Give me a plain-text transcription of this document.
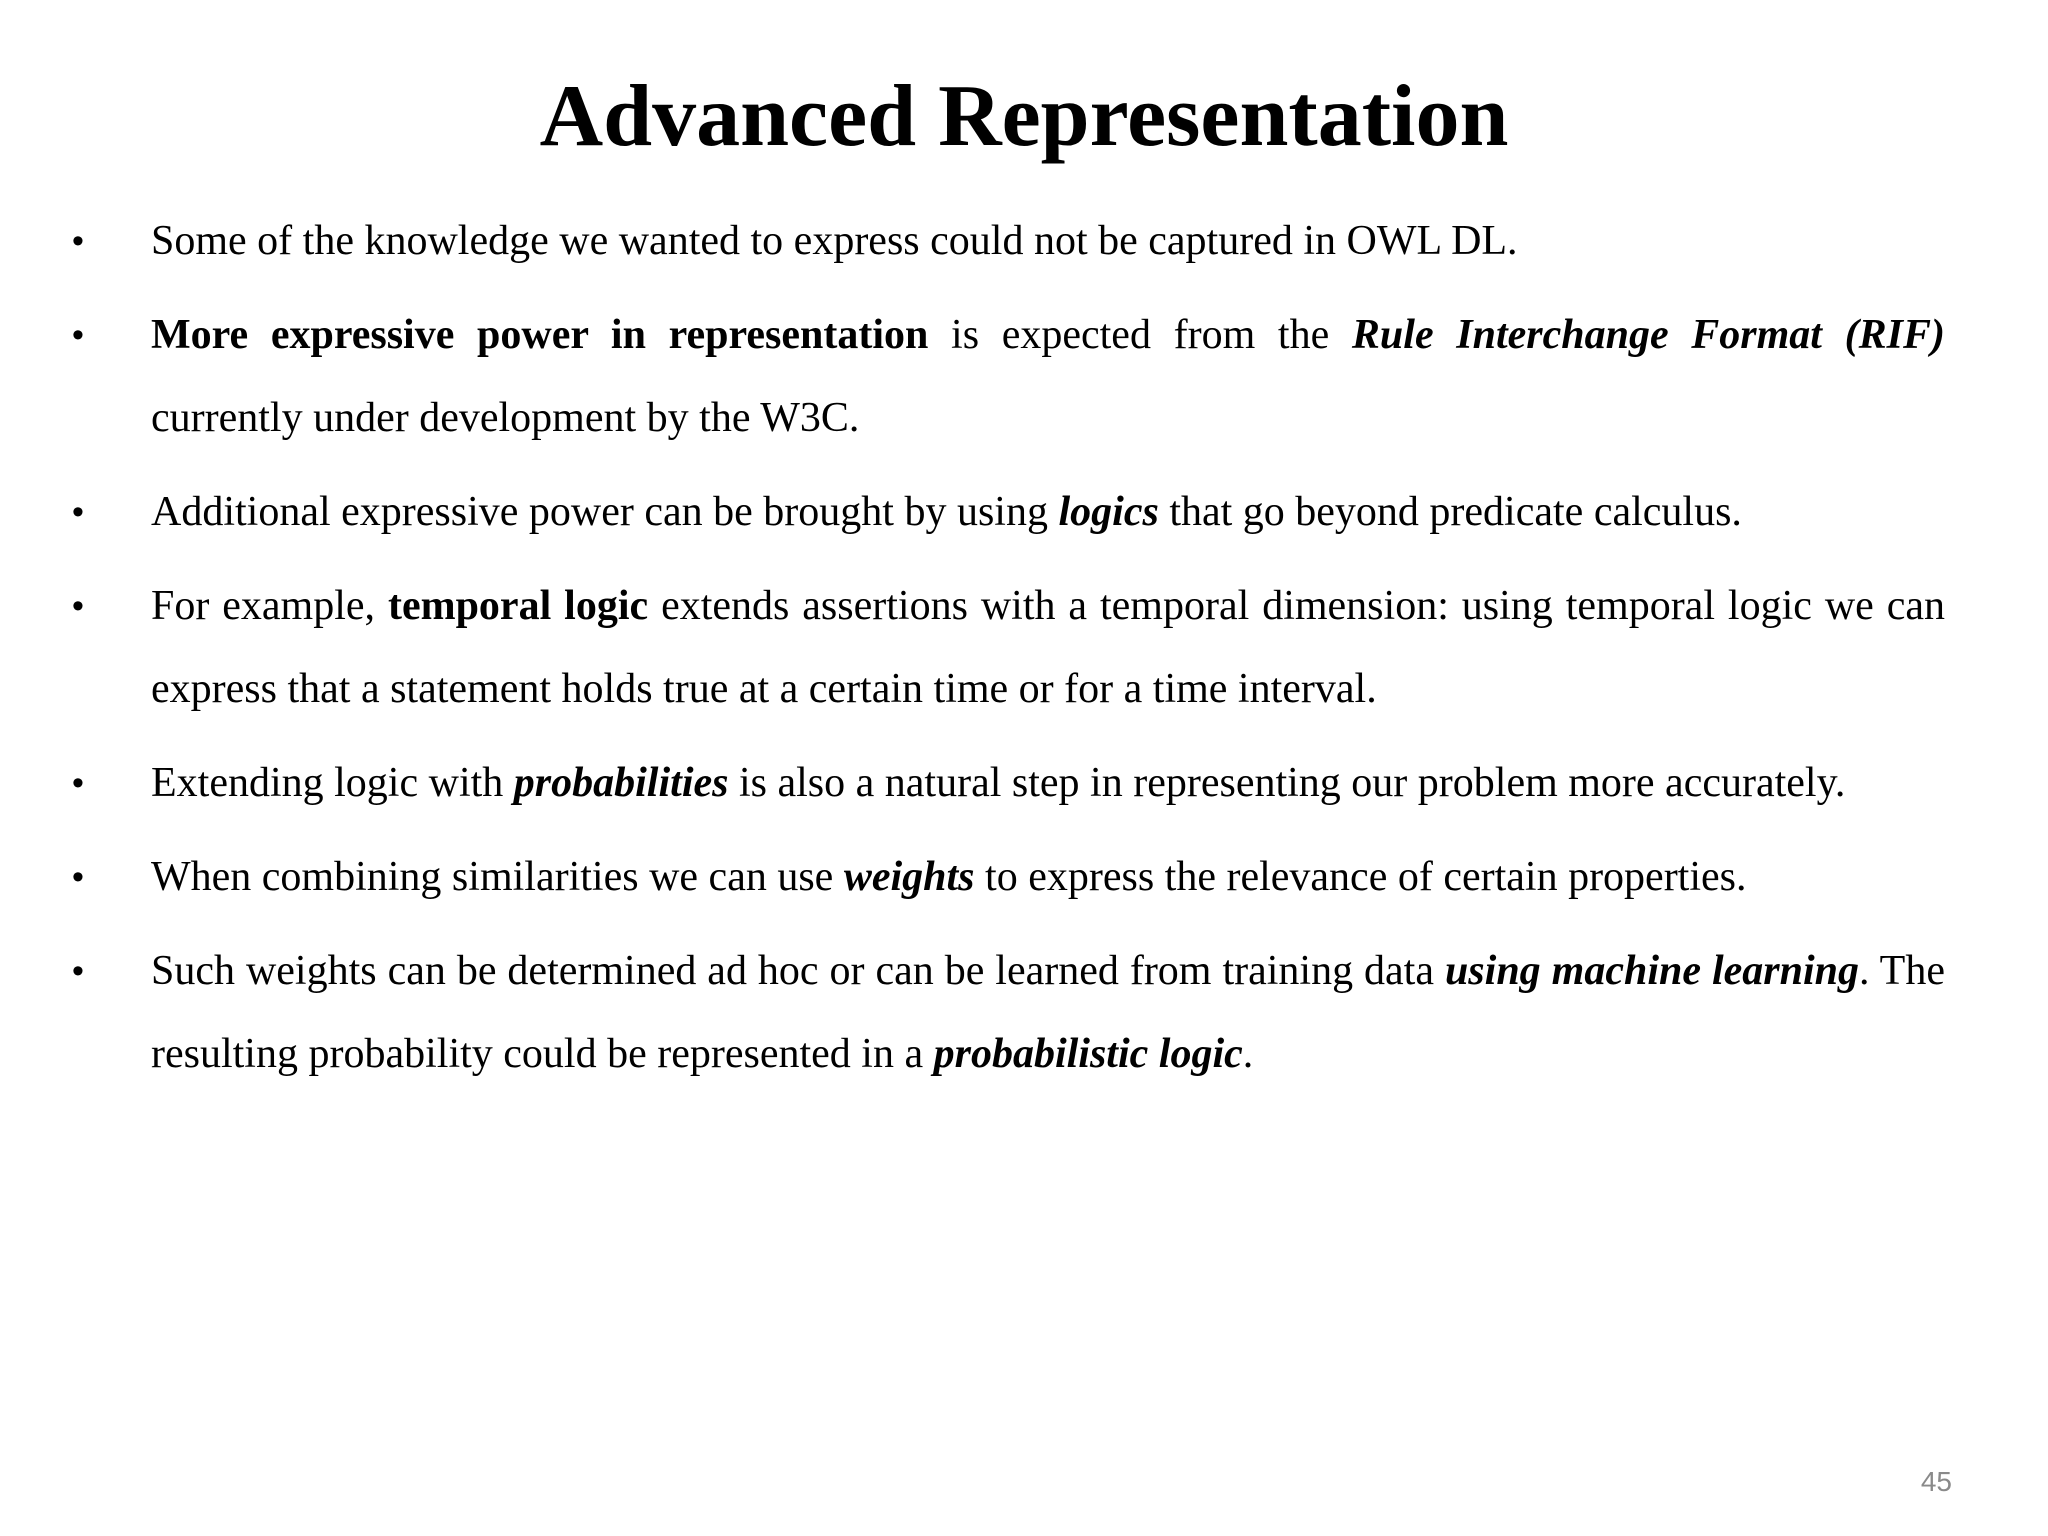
Advanced Representation
• Some of the knowledge we wanted to express could not be captured in OWL DL.
• More expressive power in representation is expected from the Rule Interchange Format (RIF) currently under development by the W3C.
• Additional expressive power can be brought by using logics that go beyond predicate calculus.
• For example, temporal logic extends assertions with a temporal dimension: using temporal logic we can express that a statement holds true at a certain time or for a time interval.
• Extending logic with probabilities is also a natural step in representing our problem more accurately.
• When combining similarities we can use weights to express the relevance of certain properties.
• Such weights can be determined ad hoc or can be learned from training data using machine learning. The resulting probability could be represented in a probabilistic logic.
45
